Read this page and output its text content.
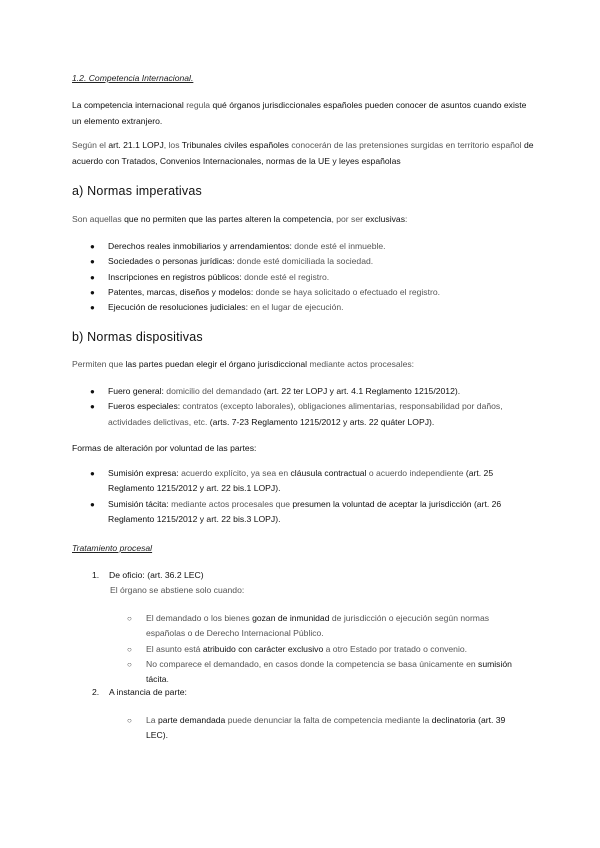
1.2. Competencia Internacional.
La competencia internacional regula qué órganos jurisdiccionales españoles pueden conocer de asuntos cuando existe un elemento extranjero.
Según el art. 21.1 LOPJ, los Tribunales civiles españoles conocerán de las pretensiones surgidas en territorio español de acuerdo con Tratados, Convenios Internacionales, normas de la UE y leyes españolas
a) Normas imperativas
Son aquellas que no permiten que las partes alteren la competencia, por ser exclusivas:
● Derechos reales inmobiliarios y arrendamientos: donde esté el inmueble.
● Sociedades o personas jurídicas: donde esté domiciliada la sociedad.
● Inscripciones en registros públicos: donde esté el registro.
● Patentes, marcas, diseños y modelos: donde se haya solicitado o efectuado el registro.
● Ejecución de resoluciones judiciales: en el lugar de ejecución.
b) Normas dispositivas
Permiten que las partes puedan elegir el órgano jurisdiccional mediante actos procesales:
● Fuero general: domicilio del demandado (art. 22 ter LOPJ y art. 4.1 Reglamento 1215/2012).
● Fueros especiales: contratos (excepto laborales), obligaciones alimentarias, responsabilidad por daños, actividades delictivas, etc. (arts. 7-23 Reglamento 1215/2012 y arts. 22 quáter LOPJ).
Formas de alteración por voluntad de las partes:
● Sumisión expresa: acuerdo explícito, ya sea en cláusula contractual o acuerdo independiente (art. 25 Reglamento 1215/2012 y art. 22 bis.1 LOPJ).
● Sumisión tácita: mediante actos procesales que presumen la voluntad de aceptar la jurisdicción (art. 26 Reglamento 1215/2012 y art. 22 bis.3 LOPJ).
Tratamiento procesal
1. De oficio: (art. 36.2 LEC)
El órgano se abstiene solo cuando:
○ El demandado o los bienes gozan de inmunidad de jurisdicción o ejecución según normas españolas o de Derecho Internacional Público.
○ El asunto está atribuido con carácter exclusivo a otro Estado por tratado o convenio.
○ No comparece el demandado, en casos donde la competencia se basa únicamente en sumisión tácita.
2. A instancia de parte:
○ La parte demandada puede denunciar la falta de competencia mediante la declinatoria (art. 39 LEC).
